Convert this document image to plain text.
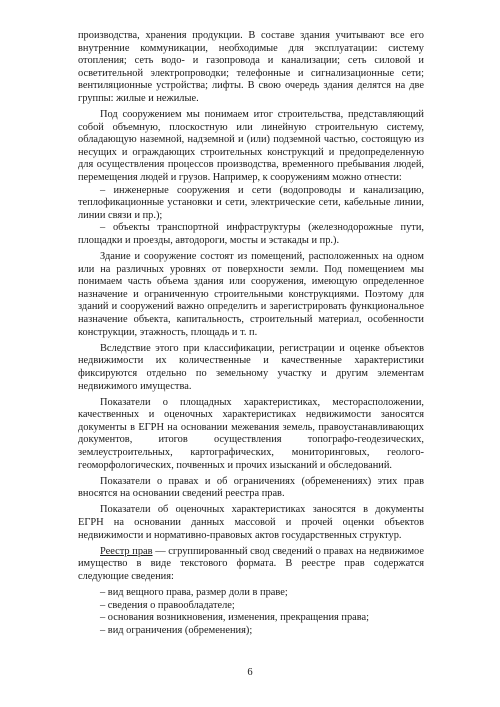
производства, хранения продукции. В составе здания учитывают все его внутренние коммуникации, необходимые для эксплуатации: систему отопления; сеть водо- и газопровода и канализации; сеть силовой и осветительной электропроводки; телефонные и сигнализационные сети; вентиляционные устройства; лифты. В свою очередь здания делятся на две группы: жилые и нежилые.

Под сооружением мы понимаем итог строительства, представляющий собой объемную, плоскостную или линейную строительную систему, обладающую наземной, надземной и (или) подземной частью, состоящую из несущих и ограждающих строительных конструкций и предопределенную для осуществления процессов производства, временного пребывания людей, перемещения людей и грузов. Например, к сооружениям можно отнести:

– инженерные сооружения и сети (водопроводы и канализацию, теплофикационные установки и сети, электрические сети, кабельные линии, линии связи и пр.);

– объекты транспортной инфраструктуры (железнодорожные пути, площадки и проезды, автодороги, мосты и эстакады и пр.).

Здание и сооружение состоят из помещений, расположенных на одном или на различных уровнях от поверхности земли. Под помещением мы понимаем часть объема здания или сооружения, имеющую определенное назначение и ограниченную строительными конструкциями. Поэтому для зданий и сооружений важно определить и зарегистрировать функциональное назначение объекта, капитальность, строительный материал, особенности конструкции, этажность, площадь и т. п.

Вследствие этого при классификации, регистрации и оценке объектов недвижимости их количественные и качественные характеристики фиксируются отдельно по земельному участку и другим элементам недвижимого имущества.

Показатели о площадных характеристиках, месторасположении, качественных и оценочных характеристиках недвижимости заносятся документы в ЕГРН на основании межевания земель, правоустанавливающих документов, итогов осуществления топографо-геодезических, землеустроительных, картографических, мониторинговых, геолого-геоморфологических, почвенных и прочих изысканий и обследований.

Показатели о правах и об ограничениях (обременениях) этих прав вносятся на основании сведений реестра прав.

Показатели об оценочных характеристиках заносятся в документы ЕГРН на основании данных массовой и прочей оценки объектов недвижимости и нормативно-правовых актов государственных структур.

Реестр прав — сгруппированный свод сведений о правах на недвижимое имущество в виде текстового формата. В реестре прав содержатся следующие сведения:

– вид вещного права, размер доли в праве;

– сведения о правообладателе;

– основания возникновения, изменения, прекращения права;

– вид ограничения (обременения);

6
